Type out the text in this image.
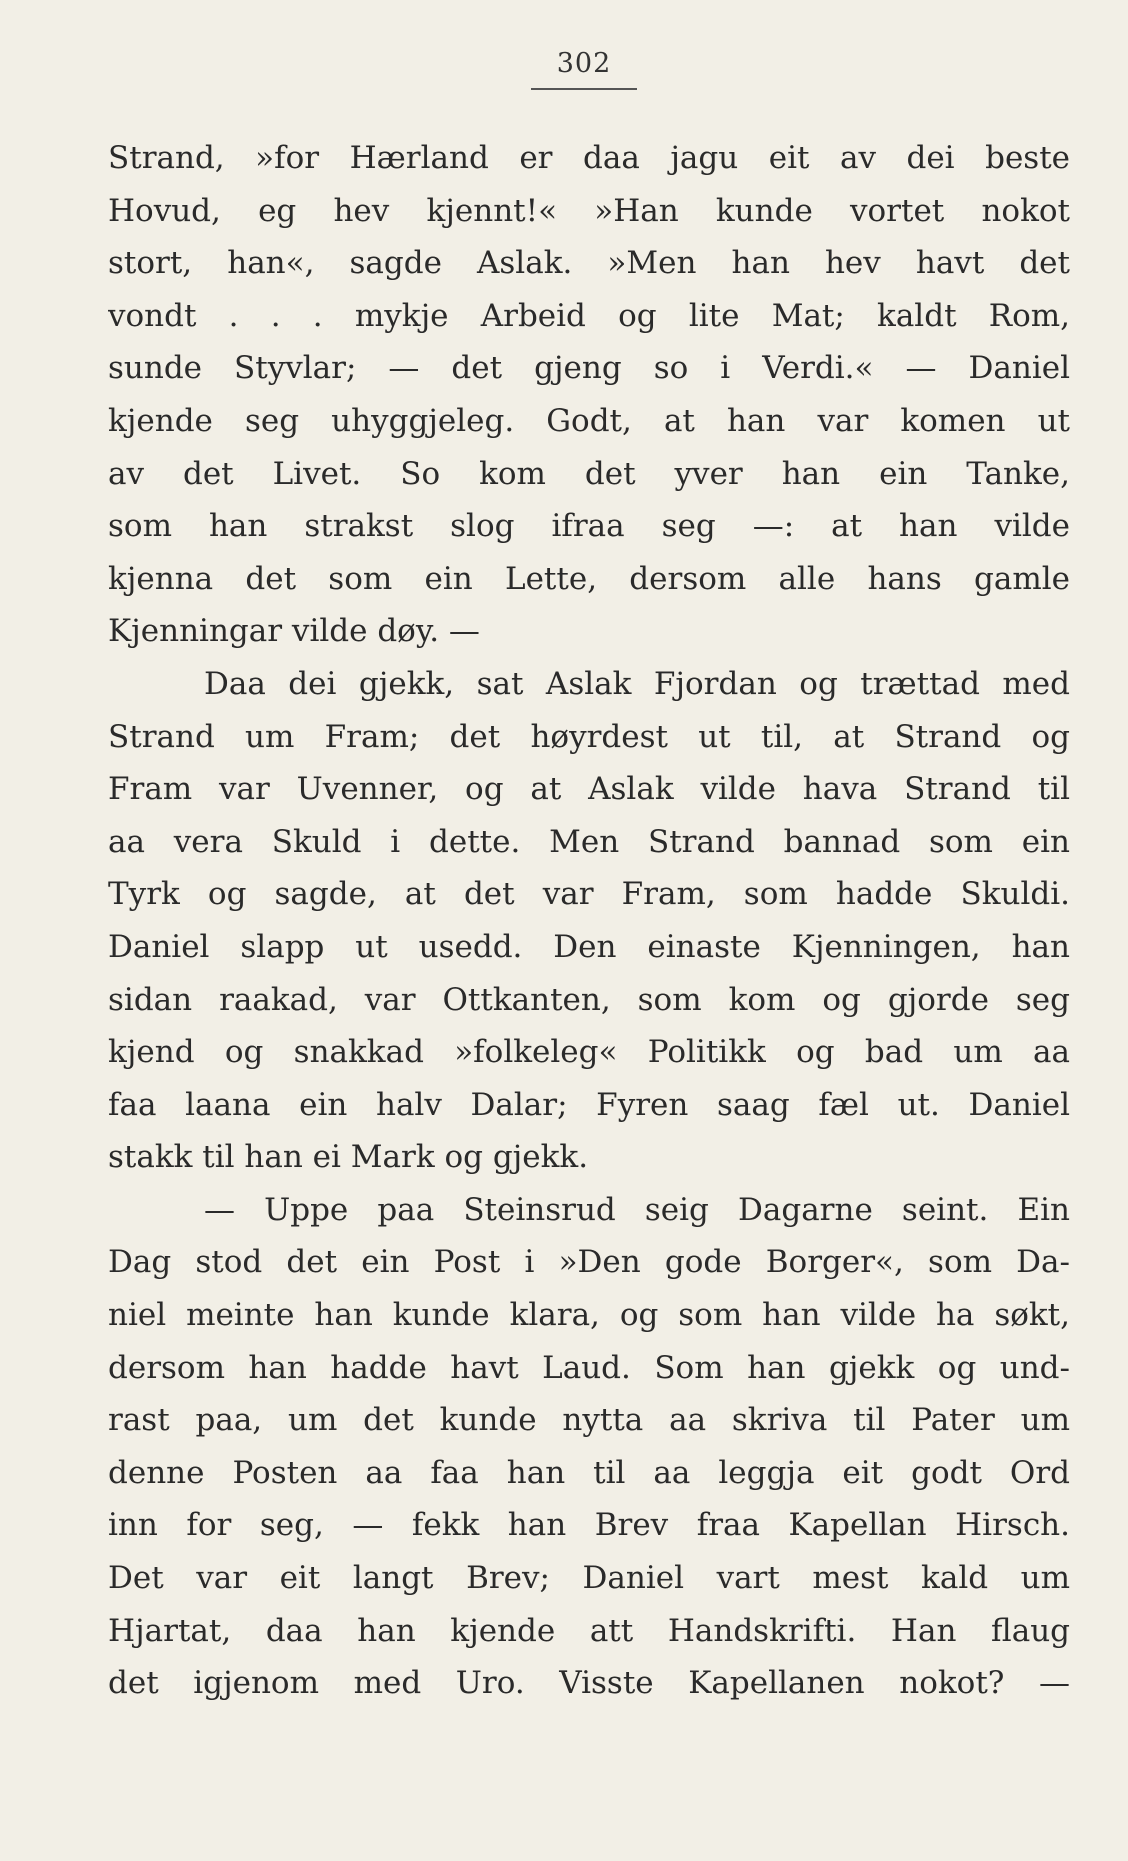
302
Strand, »for Hærland er daa jagu eit av dei beste
Hovud, eg hev kjennt!« »Han kunde vortet nokot
stort, han«, sagde Aslak. »Men han hev havt det
vondt . . . mykje Arbeid og lite Mat; kaldt Rom,
sunde Styvlar; — det gjeng so i Verdi.« — Daniel
kjende seg uhyggjeleg. Godt, at han var komen ut
av det Livet. So kom det yver han ein Tanke,
som han strakst slog ifraa seg —: at han vilde
kjenna det som ein Lette, dersom alle hans gamle
Kjenningar vilde døy. —
Daa dei gjekk, sat Aslak Fjordan og trættad med
Strand um Fram; det høyrdest ut til, at Strand og
Fram var Uvenner, og at Aslak vilde hava Strand til
aa vera Skuld i dette. Men Strand bannad som ein
Tyrk og sagde, at det var Fram, som hadde Skuldi.
Daniel slapp ut usedd. Den einaste Kjenningen, han
sidan raakad, var Ottkanten, som kom og gjorde seg
kjend og snakkad »folkeleg« Politikk og bad um aa
faa laana ein halv Dalar; Fyren saag fæl ut. Daniel
stakk til han ei Mark og gjekk.
— Uppe paa Steinsrud seig Dagarne seint. Ein
Dag stod det ein Post i »Den gode Borger«, som Da-
niel meinte han kunde klara, og som han vilde ha søkt,
dersom han hadde havt Laud. Som han gjekk og und-
rast paa, um det kunde nytta aa skriva til Pater um
denne Posten aa faa han til aa leggja eit godt Ord
inn for seg, — fekk han Brev fraa Kapellan Hirsch.
Det var eit langt Brev; Daniel vart mest kald um
Hjartat, daa han kjende att Handskrifti. Han flaug
det igjenom med Uro. Visste Kapellanen nokot? —
